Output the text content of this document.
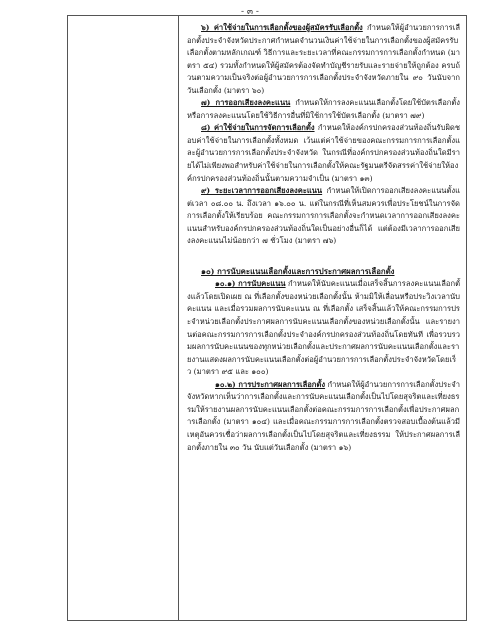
- ๓ -

๖) ค่าใช้จ่ายในการเลือกตั้งของผู้สมัครรับเลือกตั้ง กำหนดให้ผู้อำนวยการการเลือกตั้งประจำจังหวัดประกาศกำหนดจำนวนเงินค่าใช้จ่ายในการเลือกตั้งของผู้สมัครรับเลือกตั้งตามหลักเกณฑ์ วิธีการและระยะเวลาที่คณะกรรมการการเลือกตั้งกำหนด (มาตรา ๕๔) รวมทั้งกำหนดให้ผู้สมัครต้องจัดทำบัญชีรายรับและรายจ่ายให้ถูกต้อง ครบถ้วนตามความเป็นจริงต่อผู้อำนวยการการเลือกตั้งประจำจังหวัดภายใน ๙๐ วันนับจากวันเลือกตั้ง (มาตรา ๖๐)

๗) การออกเสียงลงคะแนน กำหนดให้การลงคะแนนเลือกตั้งโดยใช้บัตรเลือกตั้ง หรือการลงคะแนนโดยใช้วิธีการอื่นที่มิใช้การใช้บัตรเลือกตั้ง (มาตรา ๗๙)

๘) ค่าใช้จ่ายในการจัดการเลือกตั้ง กำหนดให้องค์กรปกครองส่วนท้องถิ่นรับผิดชอบค่าใช้จ่ายในการเลือกตั้งทั้งหมด เว้นแต่ค่าใช้จ่ายของคณะกรรมการการเลือกตั้งและผู้อำนวยการการเลือกตั้งประจำจังหวัด ในกรณีที่องค์กรปกครองส่วนท้องถิ่นใดมีรายได้ไม่เพียงพอสำหรับค่าใช้จ่ายในการเลือกตั้งให้คณะรัฐมนตรีจัดสรรค่าใช้จ่ายให้องค์กรปกครองส่วนท้องถิ่นนั้นตามความจำเป็น (มาตรา ๑๓)

๙) ระยะเวลาการออกเสียงลงคะแนน กำหนดให้เปิดการออกเสียงลงคะแนนตั้งแต่เวลา ๐๘.๐๐ น. ถึงเวลา ๑๖.๐๐ น. แต่ในกรณีที่เห็นสมควรเพื่อประโยชน์ในการจัดการเลือกตั้งให้เรียบร้อย คณะกรรมการการเลือกตั้งจะกำหนดเวลาการออกเสียงลงคะแนนสำหรับองค์กรปกครองส่วนท้องถิ่นใดเป็นอย่างอื่นก็ได้ แต่ต้องมีเวลาการออกเสียงลงคะแนนไม่น้อยกว่า ๗ ชั่วโมง (มาตรา ๗๖)

๑๐) การนับคะแนนเลือกตั้งและการประกาศผลการเลือกตั้ง

๑๐.๑) การนับคะแนน กำหนดให้นับคะแนนเมื่อเสร็จสิ้นการลงคะแนนเลือกตั้งแล้วโดยเปิดเผย ณ ที่เลือกตั้งของหน่วยเลือกตั้งนั้น ห้ามมิให้เลื่อนหรือประวิงเวลานับคะแนน และเมื่อรวมผลการนับคะแนน ณ ที่เลือกตั้ง เสร็จสิ้นแล้วให้คณะกรรมการประจำหน่วยเลือกตั้งประกาศผลการนับคะแนนเลือกตั้งของหน่วยเลือกตั้งนั้น และรายงานต่อคณะกรรมการการเลือกตั้งประจำองค์กรปกครองส่วนท้องถิ่นโดยทันที เพื่อรวบรวมผลการนับคะแนนของทุกหน่วยเลือกตั้งและประกาศผลการนับคะแนนเลือกตั้งและรายงานแสดงผลการนับคะแนนเลือกตั้งต่อผู้อำนวยการการเลือกตั้งประจำจังหวัดโดยเร็ว (มาตรา ๙๕ และ ๑๐๐)

๑๐.๒) การประกาศผลการเลือกตั้ง กำหนดให้ผู้อำนวยการการเลือกตั้งประจำจังหวัดหากเห็นว่าการเลือกตั้งและการนับคะแนนเลือกตั้งเป็นไปโดยสุจริตและเที่ยงธรรมให้รายงานผลการนับคะแนนเลือกตั้งต่อคณะกรรมการการเลือกตั้งเพื่อประกาศผลการเลือกตั้ง (มาตรา ๑๐๔) และเมื่อคณะกรรมการการเลือกตั้งตรวจสอบเบื้องต้นแล้วมีเหตุอันควรเชื่อว่าผลการเลือกตั้งเป็นไปโดยสุจริตและเที่ยงธรรม ให้ประกาศผลการเลือกตั้งภายใน ๓๐ วัน นับแต่วันเลือกตั้ง (มาตรา ๑๖)
